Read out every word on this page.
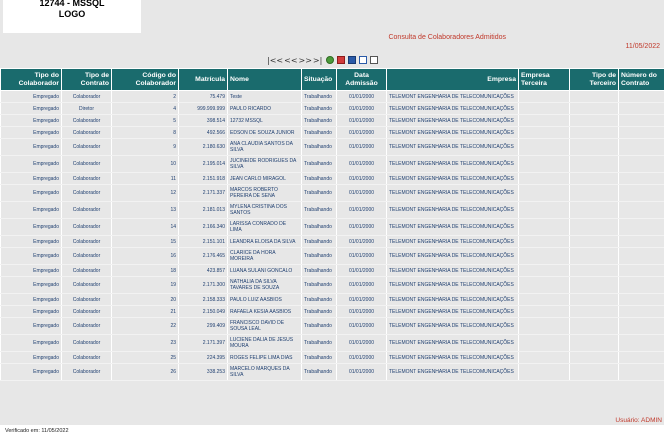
12744 - MSSQL
LOGO
Consulta de Colaboradores Admitidos
11/05/2022
|<< << >> >|
Tipo do Colaborador	Tipo de Contrato	Código do Colaborador	Matrícula	Nome	Situação	Data Admissão	Empresa	Empresa Terceira	Tipo de Terceiro	Número do Contrato
Empregado	Colaborador	2	75.479	Teste	Trabalhando	01/01/2000	TELEMONT ENGENHARIA DE TELECOMUNICAÇÕES			
Empregado	Diretor	4	999.999.999	PAULO RICARDO	Trabalhando	01/01/2000	TELEMONT ENGENHARIA DE TELECOMUNICAÇÕES			
Empregado	Colaborador	5	398.514	12732 MSSQL	Trabalhando	01/01/2000	TELEMONT ENGENHARIA DE TELECOMUNICAÇÕES			
Empregado	Colaborador	8	492.566	EDSON DE SOUZA JUNIOR	Trabalhando	01/01/2000	TELEMONT ENGENHARIA DE TELECOMUNICAÇÕES			
Empregado	Colaborador	9	2.180.630	ANA CLAUDIA SANTOS DA SILVA	Trabalhando	01/01/2000	TELEMONT ENGENHARIA DE TELECOMUNICAÇÕES			
Empregado	Colaborador	10	2.195.014	JUCINEIDE RODRIGUES DA SILVA	Trabalhando	01/01/2000	TELEMONT ENGENHARIA DE TELECOMUNICAÇÕES			
Empregado	Colaborador	11	2.151.918	JEAN CARLO MIRAGOL	Trabalhando	01/01/2000	TELEMONT ENGENHARIA DE TELECOMUNICAÇÕES			
Empregado	Colaborador	12	2.171.337	MARCOS ROBERTO PEREIRA DE SENA	Trabalhando	01/01/2000	TELEMONT ENGENHARIA DE TELECOMUNICAÇÕES			
Empregado	Colaborador	13	2.181.013	MYLENA CRISTINA DOS SANTOS	Trabalhando	01/01/2000	TELEMONT ENGENHARIA DE TELECOMUNICAÇÕES			
Empregado	Colaborador	14	2.166.340	LARISSA CONRADO DE LIMA	Trabalhando	01/01/2000	TELEMONT ENGENHARIA DE TELECOMUNICAÇÕES			
Empregado	Colaborador	15	2.151.101	LEANDRA ELOISA DA SILVA	Trabalhando	01/01/2000	TELEMONT ENGENHARIA DE TELECOMUNICAÇÕES			
Empregado	Colaborador	16	2.176.465	CLARICE DA HORA MOREIRA	Trabalhando	01/01/2000	TELEMONT ENGENHARIA DE TELECOMUNICAÇÕES			
Empregado	Colaborador	18	423.857	LUANA SULANI GONCALO	Trabalhando	01/01/2000	TELEMONT ENGENHARIA DE TELECOMUNICAÇÕES			
Empregado	Colaborador	19	2.171.300	NATHALIA DA SILVA TAVARES DE SOUZA	Trabalhando	01/01/2000	TELEMONT ENGENHARIA DE TELECOMUNICAÇÕES			
Empregado	Colaborador	20	2.158.333	PAULO LUIZ AASBIOS	Trabalhando	01/01/2000	TELEMONT ENGENHARIA DE TELECOMUNICAÇÕES			
Empregado	Colaborador	21	2.150.049	RAFAELA KESIA AASBIOS	Trabalhando	01/01/2000	TELEMONT ENGENHARIA DE TELECOMUNICAÇÕES			
Empregado	Colaborador	22	299.409	FRANCISCO DAVID DE SOUSA LEAL	Trabalhando	01/01/2000	TELEMONT ENGENHARIA DE TELECOMUNICAÇÕES			
Empregado	Colaborador	23	2.171.397	LUCIENE DALIA DE JESUS MOURA	Trabalhando	01/01/2000	TELEMONT ENGENHARIA DE TELECOMUNICAÇÕES			
Empregado	Colaborador	25	224.395	ROGES FELIPE LIMA DIAS	Trabalhando	01/01/2000	TELEMONT ENGENHARIA DE TELECOMUNICAÇÕES			
Empregado	Colaborador	26	338.253	MARCELO MARQUES DA SILVA	Trabalhando	01/01/2000	TELEMONT ENGENHARIA DE TELECOMUNICAÇÕES			
Usuário: ADMIN
Verificado em: 11/05/2022
